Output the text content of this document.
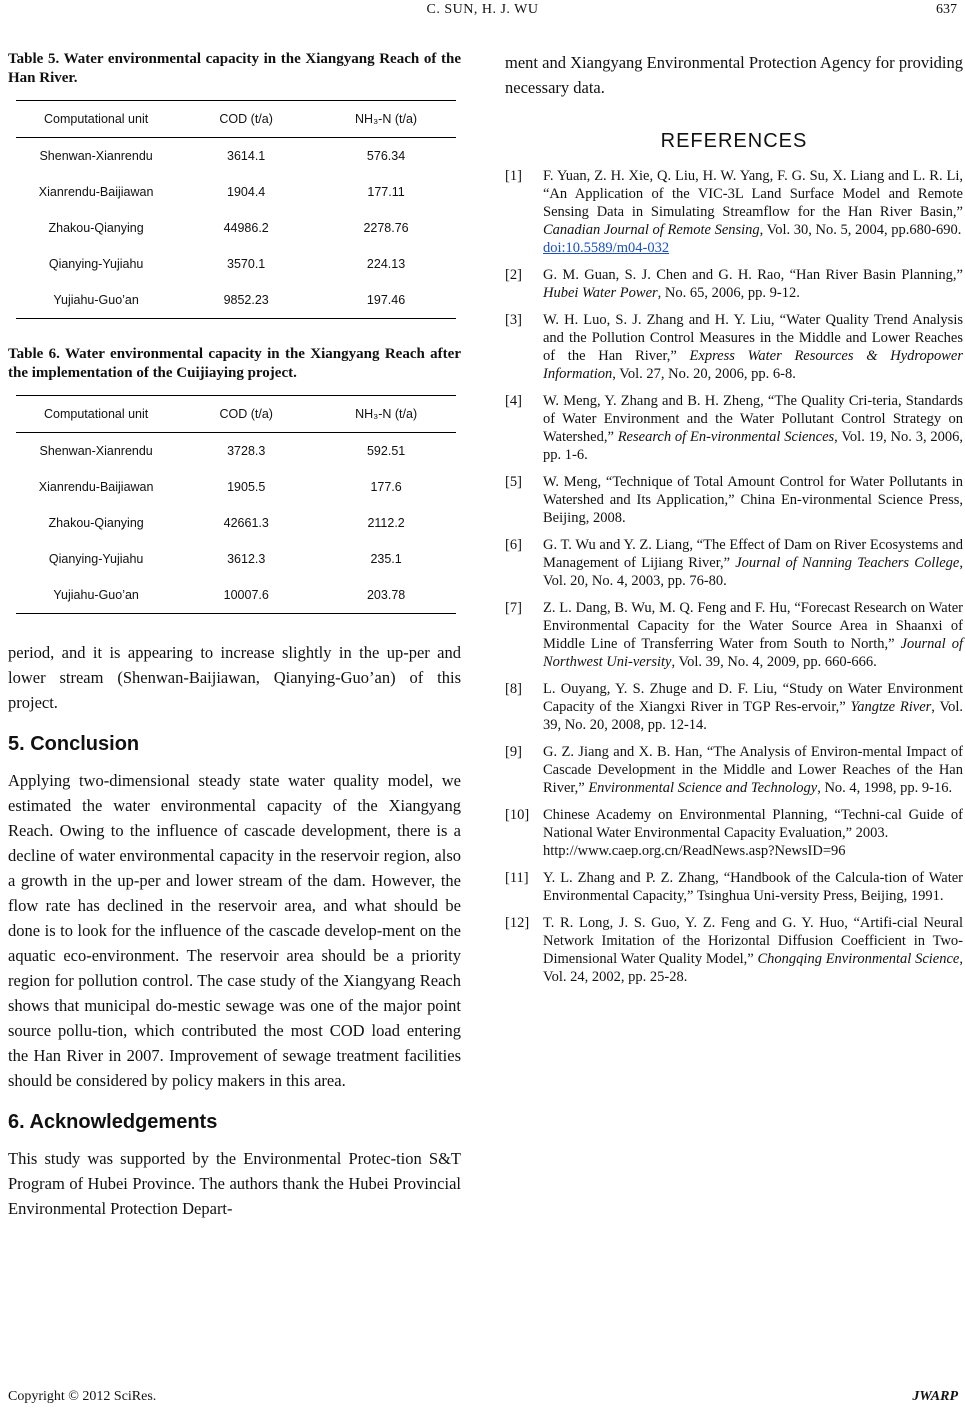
C. SUN, H. J. WU	637

Table 5. Water environmental capacity in the Xiangyang Reach of the Han River.

Computational unit	COD (t/a)	NH₃-N (t/a)
Shenwan-Xianrendu	3614.1	576.34
Xianrendu-Baijiawan	1904.4	177.11
Zhakou-Qianying	44986.2	2278.76
Qianying-Yujiahu	3570.1	224.13
Yujiahu-Guo’an	9852.23	197.46

Table 6. Water environmental capacity in the Xiangyang Reach after the implementation of the Cuijiaying project.

Computational unit	COD (t/a)	NH₃-N (t/a)
Shenwan-Xianrendu	3728.3	592.51
Xianrendu-Baijiawan	1905.5	177.6
Zhakou-Qianying	42661.3	2112.2
Qianying-Yujiahu	3612.3	235.1
Yujiahu-Guo’an	10007.6	203.78

period, and it is appearing to increase slightly in the up-per and lower stream (Shenwan-Baijiawan, Qianying-Guo’an) of this project.

5. Conclusion

Applying two-dimensional steady state water quality model, we estimated the water environmental capacity of the Xiangyang Reach. Owing to the influence of cascade development, there is a decline of water environmental capacity in the reservoir region, also a growth in the up-per and lower stream of the dam. However, the flow rate has declined in the reservoir area, and what should be done is to look for the influence of the cascade develop-ment on the aquatic eco-environment. The reservoir area should be a priority region for pollution control. The case study of the Xiangyang Reach shows that municipal do-mestic sewage was one of the major point source pollu-tion, which contributed the most COD load entering the Han River in 2007. Improvement of sewage treatment facilities should be considered by policy makers in this area.

6. Acknowledgements

This study was supported by the Environmental Protec-tion S&T Program of Hubei Province. The authors thank the Hubei Provincial Environmental Protection Depart-

ment and Xiangyang Environmental Protection Agency for providing necessary data.

REFERENCES

[1]	F. Yuan, Z. H. Xie, Q. Liu, H. W. Yang, F. G. Su, X. Liang and L. R. Li, “An Application of the VIC-3L Land Surface Model and Remote Sensing Data in Simulating Streamflow for the Han River Basin,” Canadian Journal of Remote Sensing, Vol. 30, No. 5, 2004, pp.680-690.
doi:10.5589/m04-032
[2]	G. M. Guan, S. J. Chen and G. H. Rao, “Han River Basin Planning,” Hubei Water Power, No. 65, 2006, pp. 9-12.
[3]	W. H. Luo, S. J. Zhang and H. Y. Liu, “Water Quality Trend Analysis and the Pollution Control Measures in the Middle and Lower Reaches of the Han River,” Express Water Resources & Hydropower Information, Vol. 27, No. 20, 2006, pp. 6-8.
[4]	W. Meng, Y. Zhang and B. H. Zheng, “The Quality Cri-teria, Standards of Water Environment and the Water Pollutant Control Strategy on Watershed,” Research of En-vironmental Sciences, Vol. 19, No. 3, 2006, pp. 1-6.
[5]	W. Meng, “Technique of Total Amount Control for Water Pollutants in Watershed and Its Application,” China En-vironmental Science Press, Beijing, 2008.
[6]	G. T. Wu and Y. Z. Liang, “The Effect of Dam on River Ecosystems and Management of Lijiang River,” Journal of Nanning Teachers College, Vol. 20, No. 4, 2003, pp. 76-80.
[7]	Z. L. Dang, B. Wu, M. Q. Feng and F. Hu, “Forecast Research on Water Environmental Capacity for the Water Source Area in Shaanxi of Middle Line of Transferring Water from South to North,” Journal of Northwest Uni-versity, Vol. 39, No. 4, 2009, pp. 660-666.
[8]	L. Ouyang, Y. S. Zhuge and D. F. Liu, “Study on Water Environment Capacity of the Xiangxi River in TGP Res-ervoir,” Yangtze River, Vol. 39, No. 20, 2008, pp. 12-14.
[9]	G. Z. Jiang and X. B. Han, “The Analysis of Environ-mental Impact of Cascade Development in the Middle and Lower Reaches of the Han River,” Environmental Science and Technology, No. 4, 1998, pp. 9-16.
[10] Chinese Academy on Environmental Planning, “Techni-cal Guide of National Water Environmental Capacity Evaluation,” 2003.
http://www.caep.org.cn/ReadNews.asp?NewsID=96
[11] Y. L. Zhang and P. Z. Zhang, “Handbook of the Calcula-tion of Water Environmental Capacity,” Tsinghua Uni-versity Press, Beijing, 1991.
[12] T. R. Long, J. S. Guo, Y. Z. Feng and G. Y. Huo, “Artifi-cial Neural Network Imitation of the Horizontal Diffusion Coefficient in Two-Dimensional Water Quality Model,” Chongqing Environmental Science, Vol. 24, 2002, pp. 25-28.
Copyright © 2012 SciRes.	JWARP
